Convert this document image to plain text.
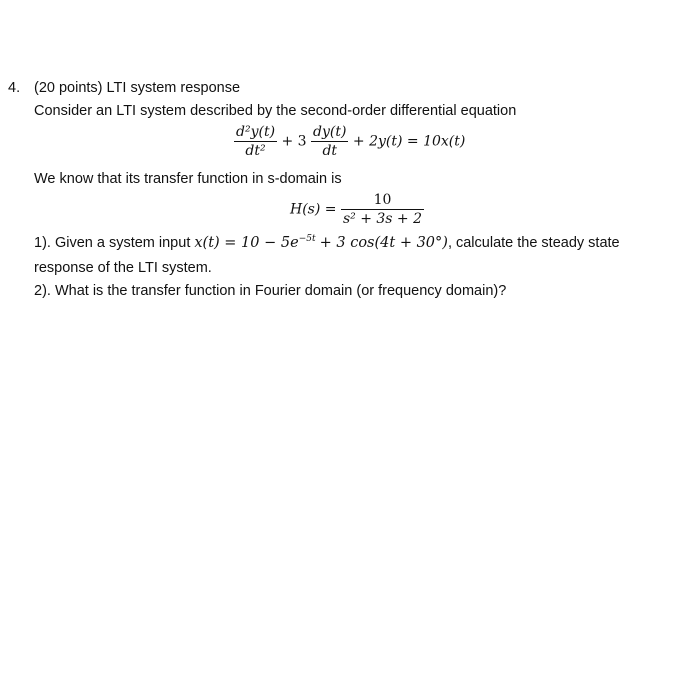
4. (20 points) LTI system response
Consider an LTI system described by the second-order differential equation
$\frac{\text{d²y(t)}}{\text{dt²}} + 3 \frac{dy(t)}{dt} + 2y(t) = 10x(t)$
We know that its transfer function in s-domain is
$H(s) = \frac{10}{\text{s² + 3s + 2}}$
1). Given a system input $x(t) = 10 - 5e^{-5t} + 3$ cos(4t + 30°), calculate the steady state
response of the LTI system.
2). What is the transfer function in Fourier domain (or frequency domain)?
